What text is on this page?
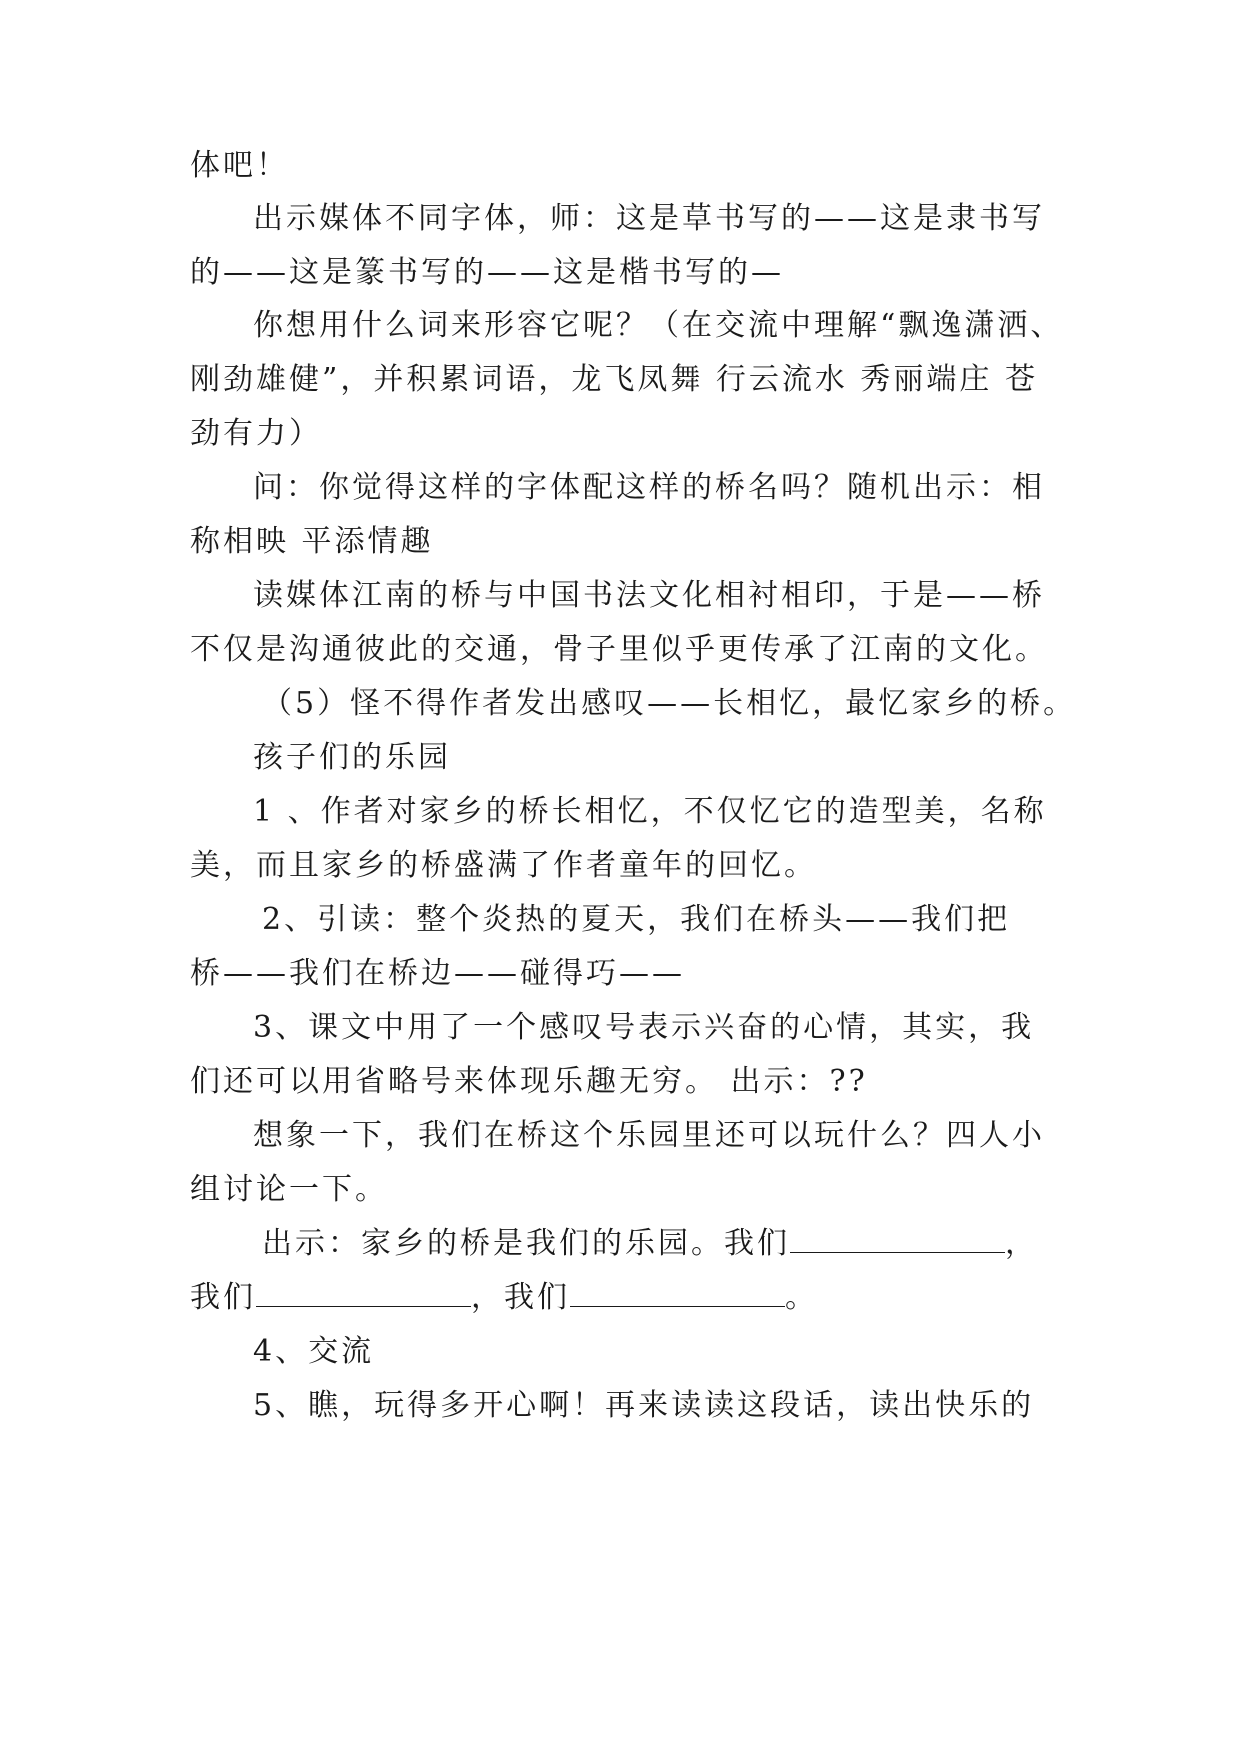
体吧！
出示媒体不同字体，师：这是草书写的——这是隶书写
的——这是篆书写的——这是楷书写的—
你想用什么词来形容它呢？（在交流中理解“飘逸潇洒、
刚劲雄健”，并积累词语，龙飞凤舞 行云流水 秀丽端庄 苍
劲有力）
问：你觉得这样的字体配这样的桥名吗？随机出示：相
称相映 平添情趣
读媒体江南的桥与中国书法文化相衬相印，于是——桥
不仅是沟通彼此的交通，骨子里似乎更传承了江南的文化。
（5）怪不得作者发出感叹——长相忆，最忆家乡的桥。
孩子们的乐园
1 、作者对家乡的桥长相忆，不仅忆它的造型美，名称
美，而且家乡的桥盛满了作者童年的回忆。
2、引读：整个炎热的夏天，我们在桥头——我们把
桥——我们在桥边——碰得巧——
3、课文中用了一个感叹号表示兴奋的心情，其实，我
们还可以用省略号来体现乐趣无穷。 出示：??
想象一下，我们在桥这个乐园里还可以玩什么？四人小
组讨论一下。
出示：家乡的桥是我们的乐园。我们	，
我们	，我们	。
4、交流
5、瞧，玩得多开心啊！再来读读这段话，读出快乐的
